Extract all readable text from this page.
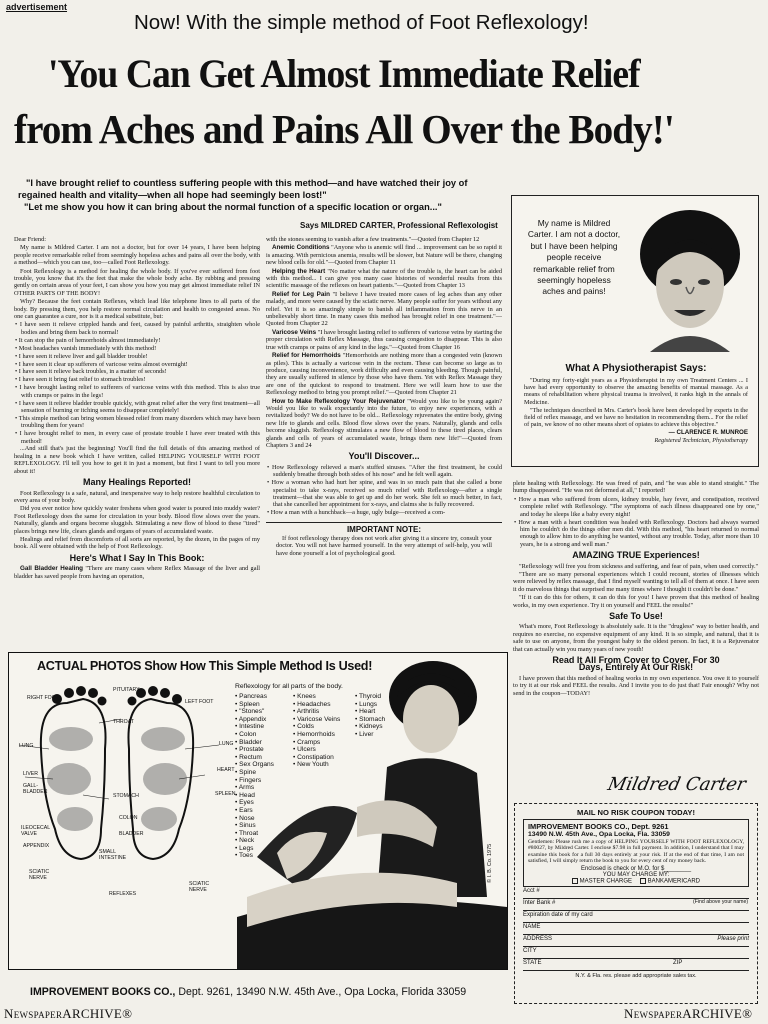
advertisement
Now! With the simple method of Foot Reflexology!
'You Can Get Almost Immediate Relief
from Aches and Pains All Over the Body!'
"I have brought relief to countless suffering people with this method—and have watched their joy of regained health and vitality—when all hope had seemingly been lost!"
"Let me show you how it can bring about the normal function of a specific location or organ..."
Says MILDRED CARTER, Professional Reflexologist

Dear Friend:

My name is Mildred Carter. I am not a doctor, but for over 14 years, I have been helping people receive remarkable relief from seemingly hopeless aches and pains all over the body, with a method—which you can use, too—called Foot Reflexology.

Foot Reflexology is a method for healing the whole body. If you've ever suffered from foot trouble, you know that it's the feet that make the whole body ache. By rubbing and pressing gently on certain areas of your feet, I can show you how you may get almost immediate relief IN OTHER PARTS OF THE BODY!

Why? Because the feet contain Reflexes, which lead like telephone lines to all parts of the body. By pressing them, you help restore normal circulation and health to congested areas. No one can guarantee a cure, nor is it a medical substitute, but:

• I have seen it relieve crippled hands and feet, caused by painful arthritis, straighten whole bodies and bring them back to normal!
• It can stop the pain of hemorrhoids almost immediately!
• Most headaches vanish immediately with this method!
• I have seen it relieve liver and gall bladder trouble!
• I have seen it clear up sufferers of varicose veins almost overnight!
• I have seen it relieve back troubles, in a matter of seconds!
• I have seen it bring fast relief to stomach troubles!
• I have brought lasting relief to sufferers of varicose veins with this method. This is also true with cramps or pains in the legs!
• I have seen it relieve bladder trouble quickly, with great relief after the very first treatment—all sensation of burning or itching seems to disappear completely!
• This simple method can bring women blessed relief from many disorders which may have been troubling them for years!
• I have brought relief to men, in every case of prostate trouble I have ever treated with this method!

...And still that's just the beginning! You'll find the full details of this amazing method of healing in a new book which I have written, called HELPING YOURSELF WITH FOOT REFLEXOLOGY. I'll tell you how to get it in just a moment, but first I want to tell you more about it!

Many Healings Reported!

Foot Reflexology is a safe, natural, and inexpensive way to help restore healthful circulation to every area of your body.

Did you ever notice how quickly water freshens when good water is poured into muddy water? Foot Reflexology does the same for circulation in your body. Blood flow slows over the years. Naturally, glands and organs become sluggish. Stimulating a new flow of blood to these "tired" places brings new life, clears glands and organs of years of accumulated waste.

Healings and relief from discomforts of all sorts are reported, by the dozen, in the pages of my book. All were obtained with the help of Foot Reflexology.

Here's What I Say In This Book:

Gall Bladder Healing "There are many cases where Reflex Massage of the liver and gall bladder has saved people from having an operation,

with the stones seeming to vanish after a few treatments."—Quoted from Chapter 12

Anemic Conditions "Anyone who is anemic will find ... improvement can be so rapid it is amazing. With pernicious anemia, results will be slower, but Nature will be there, changing new blood cells for old."—Quoted from Chapter 11

Helping the Heart "No matter what the nature of the trouble is, the heart can be aided with this method... I can give you many case histories of wonderful results from this scientific massage of the reflexes on heart patients."—Quoted from Chapter 13

Relief for Leg Pain "I believe I have treated more cases of leg aches than any other malady, and more were caused by the sciatic nerve. Many people suffer for years without any relief. Yet it is so amazingly simple to banish all inflammation from this nerve in an unbelievably short time. In many cases this method has brought relief in one treatment."—Quoted from Chapter 22

Varicose Veins "I have brought lasting relief to sufferers of varicose veins by starting the proper circulation with Reflex Massage, thus causing congestion to disappear. This is also true with cramps or pains of any kind in the legs."—Quoted from Chapter 16

Relief for Hemorrhoids "Hemorrhoids are nothing more than a congested vein (known as piles). This is actually a varicose vein in the rectum. These can become so large as to produce, causing inconvenience, work difficulty and even causing bleeding. Though painful, they are usually suffered in silence by those who have them. Yet with Reflex Massage they are one of the quickest to respond to treatment. Here we will learn how to use the Reflexology method to bring you prompt relief."—Quoted from Chapter 21

How to Make Reflexology Your Rejuvenator "Would you like to be young again? Would you like to walk expectantly into the future, to enjoy new experiences, with a revitalized body? We do not have to be old... Reflexology rejuvenates the entire body, giving new life to glands and cells. Blood flow slows over the years. Naturally, glands and cells become sluggish. Reflexology stimulates a new flow of blood to these tired places, clears glands and cells of years of accumulated waste, brings them new life!"—Quoted from Chapters 3 and 24

You'll Discover...
• How Reflexology relieved a man's stuffed sinuses. "After the first treatment, he could suddenly breathe through both sides of his nose" and he felt well again.
• How a woman who had hurt her spine, and was in so much pain that she called a bone specialist to take x-rays, received so much relief with Reflexology—after a single treatment—that she was able to get up and do her work. She felt so much better, in fact, that she cancelled her appointment for x-rays, and claims she is fully recovered.
• How a man with a hunchback—a huge, ugly bulge—received a com-
IMPORTANT NOTE:

If foot reflexology therapy does not work after giving it a sincere try, consult your doctor. You will not have harmed yourself. In the very attempt of self-help, you will have done yourself a lot of psychological good.

My name is Mildred Carter. I am not a doctor, but I have been helping people receive remarkable relief from seemingly hopeless aches and pains!
What A Physiotherapist Says:

"During my forty-eight years as a Physiotherapist in my own Treatment Centers ... I have had every opportunity to observe the amazing benefits of manual massage. As a means of rehabilitation where physical trauma is involved, it ranks high in the annals of Medicine.

"The techniques described in Mrs. Carter's book have been developed by experts in the field of reflex massage, and we have no hesitation in recommending them... For the relief of pain, we know of no other means short of opiates to achieve this objective."

— CLARENCE R. MUNROE
Registered Technician, Physiotherapy

plete healing with Reflexology. He was freed of pain, and "he was able to stand straight." The hump disappeared. "He was not deformed at all," I reported!

• How a man who suffered from ulcers, kidney trouble, hay fever, and constipation, received complete relief with Reflexology. "The symptoms of each illness disappeared one by one," and today he sleeps like a baby every night!
• How a man with a heart condition was healed with Reflexology. Doctors had always warned him he couldn't do the things other men did. With this method, "his heart returned to normal enough to allow him to do anything he wanted, without any trouble. Today, after more than 10 years, he is a strong and well man."
AMAZING TRUE Experiences!

"Reflexology will free you from sickness and suffering, and fear of pain, when used correctly."

"There are so many personal experiences which I could recount, stories of illnesses which were relieved by reflex massage, that I find myself wanting to tell all of them at once. I have seen it do marvelous things that surprised me many times where I thought it couldn't be done."

"If it can do this for others, it can do this for you! I have proven that this method of healing works, in my own experience. Try it on yourself and FEEL the results!"

Safe To Use!

What's more, Foot Reflexology is absolutely safe. It is the "drugless" way to better health, and requires no exercise, no expensive equipment of any kind. It is so simple, and natural, that it is safe to use on anyone, from the youngest baby to the oldest person. In fact, it is a Rejuvenator that can actually win you many years of new youth!

Read It All From Cover to Cover, For 30 Days, Entirely At Our Risk!

I have proven that this method of healing works in my own experience. You owe it to yourself to try it at our risk and FEEL the results. And I invite you to do just that! Fair enough? Why not send in the coupon—TODAY!

Mildred Carter
ACTUAL PHOTOS Show How This Simple Method Is Used!
RIGHT FOOT
LEFT FOOT
PITUITARY
THROAT
LUNG	LUNG
LIVER
GALL-
BLADDER
STOMACH
HEART
SPLEEN
COLON
ILEOCECAL
VALVE	BLADDER
APPENDIX
SMALL
INTESTINE
SCIATIC
NERVE
SCIATIC
NERVE
REFLEXES
Reflexology for all parts of the body.
• Pancreas
• Spleen
• "Stones"
• Appendix
• Intestine
• Colon
• Bladder
• Prostate
• Rectum
• Sex Organs
• Spine
• Fingers
• Arms
• Head
• Eyes
• Ears
• Nose
• Sinus
• Throat
• Neck
• Legs
• Toes
• Knees
• Headaches
• Arthritis
• Varicose Veins
• Colds
• Hemorrhoids
• Cramps
• Ulcers
• Constipation
• New Youth
• Thyroid
• Lungs
• Heart
• Stomach
• Kidneys
• Liver
© I. B. Co. 1975
MAIL NO RISK COUPON TODAY!
IMPROVEMENT BOOKS CO., Dept. 9261
13490 N.W. 45th Ave., Opa Locka, Fla. 33059
Gentlemen: Please rush me a copy of HELPING YOURSELF WITH FOOT REFLEXOLOGY, #80027, by Mildred Carter. I enclose $7.98 in full payment. In addition, I understand that I may examine this book for a full 30 days entirely at your risk. If at the end of that time, I am not satisfied, I will simply return the book to you for every cent of my money back.
Enclosed is check or M.O. for $________
YOU MAY CHARGE MY:
MASTER CHARGE	BANKAMERICARD
Acct #
Inter Bank #	(Find above your name)
Expiration date of my card
NAME
ADDRESS	Please print
CITY
STATE	ZIP
N.Y. & Fla. res. please add appropriate sales tax.
IMPROVEMENT BOOKS CO., Dept. 9261, 13490 N.W. 45th Ave., Opa Locka, Florida 33059
NewspaperARCHIVE®	NewspaperARCHIVE®
